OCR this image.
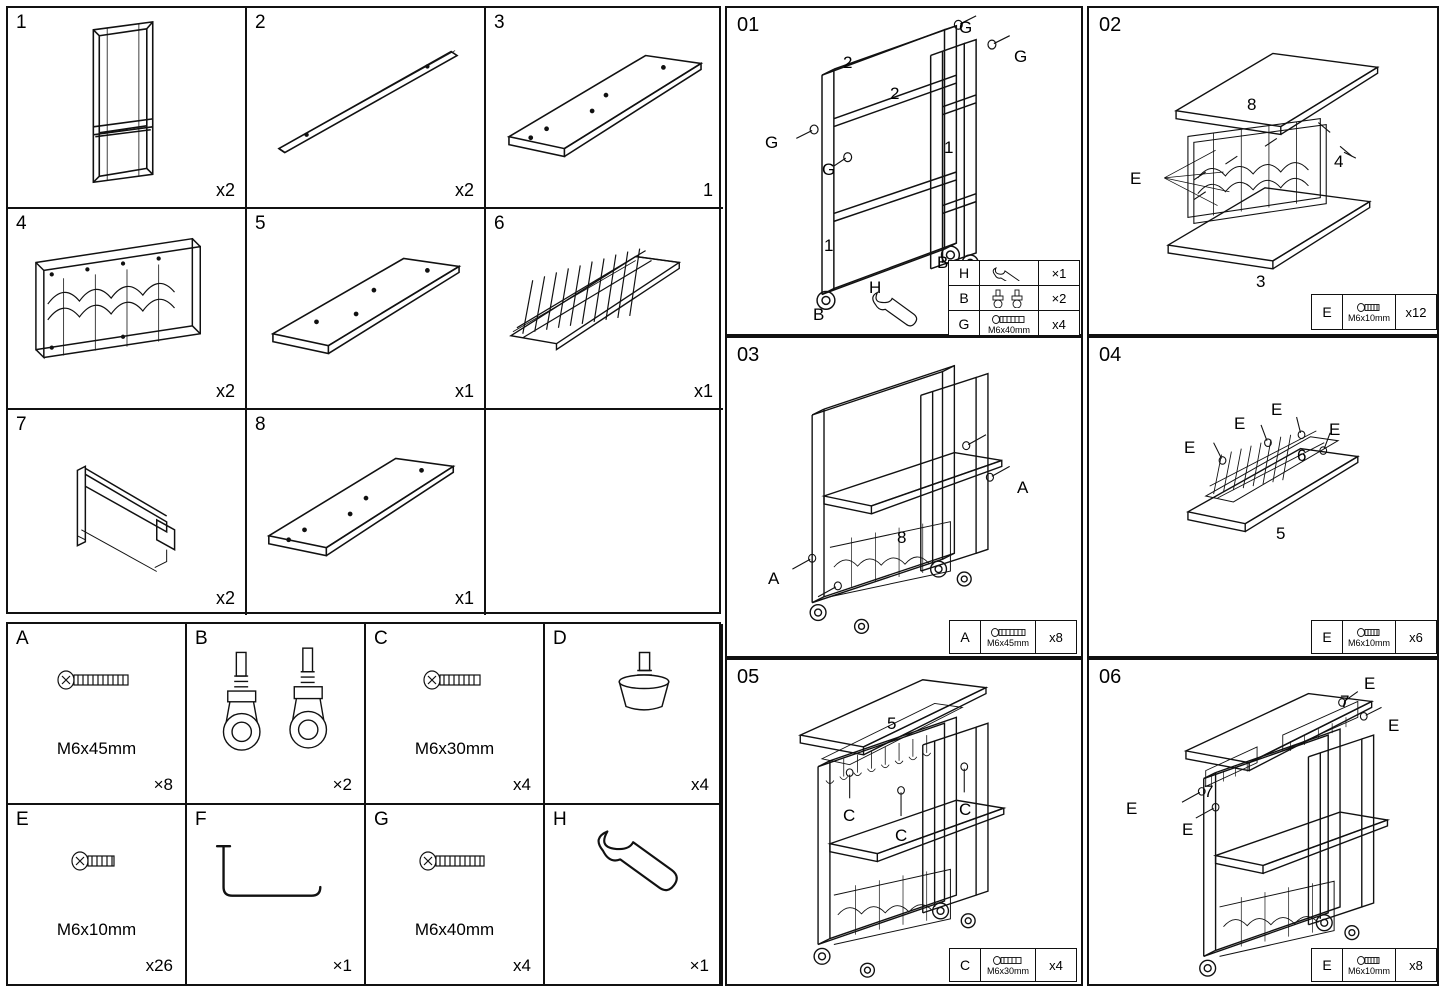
1
x2
2
x2
3
1
4
x2
5
x1
6
x1
7
x2
8
x1
A
M6x45mm
×8
B
×2
C
M6x30mm
x4
D
x4
E
M6x10mm
x26
F
×1
G
M6x40mm
x4
H
×1
01
2
2
1
1
G
G
G
G
B
B
H
H	×1
B	×2
G	M6x40mm	x4
02
8
4
3
E
E	M6x10mm	x12
03
8
A
A
A	M6x45mm	x8
04
6
5
E
E
E
E
E	M6x10mm	x6
05
5
C	C
C
C	M6x30mm	x4
06
7
7
E
E
E
E
E	M6x10mm	x8
